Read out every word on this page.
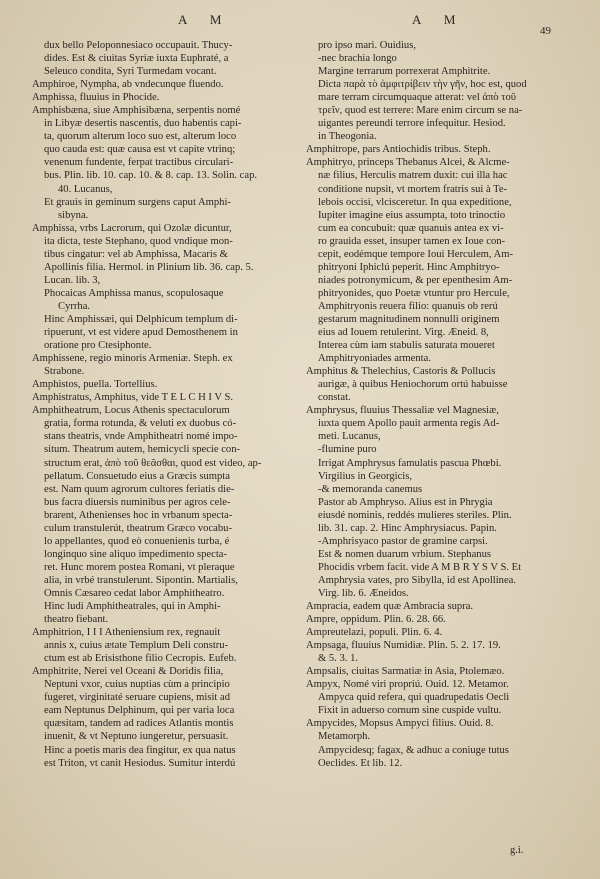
A M	A M
49
dux bello Peloponnesiaco occupauit. Thucy-
dides. Est & ciuitas Syriæ iuxta Euphraté, a
Seleuco condita, Syri Turmedam vocant.
Amphiroe, Nympha, ab vndecunque fluendo.
Amphissa, fluuius in Phocide.
Amphisbæna, siue Amphisibæna, serpentis nomé
in Libyæ desertis nascentis, duo habentis capi-
ta, quorum alterum loco suo est, alterum loco
quo cauda est: quæ causa est vt capite vtrinq;
venenum fundente, ferpat tractibus circulari-
bus. Plin. lib. 10. cap. 10. & 8. cap. 13. Solin. cap.
40. Lucanus,
Et grauis in geminum surgens caput Amphi-
sibyna.
Amphissa, vrbs Lacrorum, qui Ozolæ dicuntur,
ita dicta, teste Stephano, quod vndique mon-
tibus cingatur: vel ab Amphissa, Macaris &
Apollinis filia. Hermol. in Plinium lib. 36. cap. 5.
Lucan. lib. 3,
Phocaicas Amphissa manus, scopulosaque
Cyrrha.
Hinc Amphissæi, qui Delphicum templum di-
ripuerunt, vt est videre apud Demosthenem in
oratione pro Ctesiphonte.
Amphissene, regio minoris Armeniæ. Steph. ex
Strabone.
Amphistos, puella. Tortellius.
Amphistratus, Amphitus, vide T E L C H I V S.
Amphitheatrum, Locus Athenis spectaculorum
gratia, forma rotunda, & veluti ex duobus có-
stans theatris, vnde Amphitheatri nomé impo-
situm. Theatrum autem, hemicycli specie con-
structum erat, ἀπὸ τοῦ θεᾶσθαι, quod est video, ap-
pellatum. Consuetudo eius a Græcis sumpta
est. Nam quum agrorum cultores feriatis die-
bus facra diuersis numinibus per agros cele-
brarent, Athenienses hoc in vrbanum specta-
culum transtulerút, theatrum Græco vocabu-
lo appellantes, quod eò conuenienis turba, é
longinquo sine aliquo impedimento specta-
ret. Hunc morem postea Romani, vt pleraque
alia, in vrbé transtulerunt. Sipontin. Martialis,
Omnis Cæsareo cedat labor Amphitheatro.
Hinc ludi Amphitheatrales, qui in Amphi-
theatro fiebant.
Amphitrion, I I I Atheniensium rex, regnauit
annis x, cuius ætate Templum Deli constru-
ctum est ab Erisisthone filio Cecropis. Eufeb.
Amphitrite, Nerei vel Oceani & Doridis filia,
Neptuni vxor, cuius nuptias cùm a principio
fugeret, virginitaté seruare cupiens, misit ad
eam Neptunus Delphinum, qui per varia loca
quæsitam, tandem ad radices Atlantis montis
inuenit, & vt Neptuno iungeretur, persuasit.
Hinc a poetis maris dea fingitur, ex qua natus
est Triton, vt canit Hesiodus. Sumitur interdú
pro ipso mari. Ouidius,
-nec brachia longo
Margine terrarum porrexerat Amphitrite.
Dicta παρὰ τὸ ἀμφιτρίβειν τὴν γῆν, hoc est, quod
mare terram circumquaque atterat: vel ἀπὸ τοῦ
τρεῖν, quod est terrere: Mare enim circum se na-
uigantes pereundi terrore infequitur. Hesiod.
in Theogonia.
Amphitrope, pars Antiochidis tribus. Steph.
Amphitryo, princeps Thebanus Alcei, & Alcme-
næ filius, Herculis matrem duxit: cui illa hac
conditione nupsit, vt mortem fratris sui à Te-
lebois occisi, vlcisceretur. In qua expeditione,
Iupiter imagine eius assumpta, toto trinoctio
cum ea concubuit: quæ quanuis antea ex vi-
ro grauida esset, insuper tamen ex Ioue con-
cepit, eodémque tempore Ioui Herculem, Am-
phitryoni Iphiclú peperit. Hinc Amphitryo-
niades potronymicum, & per epenthesim Am-
phitryonides, quo Poetæ vtuntur pro Hercule,
Amphitryonis reuera filio: quanuis ob rerú
gestarum magnitudinem nonnulli originem
eius ad Iouem retulerint. Virg. Æneid. 8,
Interea cùm iam stabulis saturata moueret
Amphitryoniades armenta.
Amphitus & Thelechius, Castoris & Pollucis
aurigæ, à quibus Heniochorum ortú habuisse
constat.
Amphrysus, fluuius Thessaliæ vel Magnesiæ,
iuxta quem Apollo pauit armenta regis Ad-
meti. Lucanus,
-flumine puro
Irrigat Amphrysus famulatis pascua Phœbi.
Virgilius in Georgicis,
-& memoranda canemus
Pastor ab Amphryso. Alius est in Phrygia
eiusdé nominis, reddés mulieres steriles. Plin.
lib. 31. cap. 2. Hinc Amphrysiacus. Papin.
-Amphrisyaco pastor de gramine carpsi.
Est & nomen duarum vrbium. Stephanus
Phocidis vrbem facit. vide A M B R Y S V S. Et
Amphrysia vates, pro Sibylla, id est Apollinea.
Virg. lib. 6. Æneidos.
Ampracia, eadem quæ Ambracia supra.
Ampre, oppidum. Plin. 6. 28. 66.
Ampreutelazi, populi. Plin. 6. 4.
Ampsaga, fluuius Numidiæ. Plin. 5. 2. 17. 19.
& 5. 3. 1.
Ampsalis, ciuitas Sarmatiæ in Asia, Ptolemæo.
Ampyx, Nomé viri propriú. Ouid. 12. Metamor.
Ampyca quid refera, qui quadrupedatis Oecli
Fixit in aduerso cornum sine cuspide vultu.
Ampycides, Mopsus Ampyci filius. Ouid. 8.
Metamorph.
Ampycidesq; fagax, & adhuc a coniuge tutus
Oeclides. Et lib. 12.
g.i.
